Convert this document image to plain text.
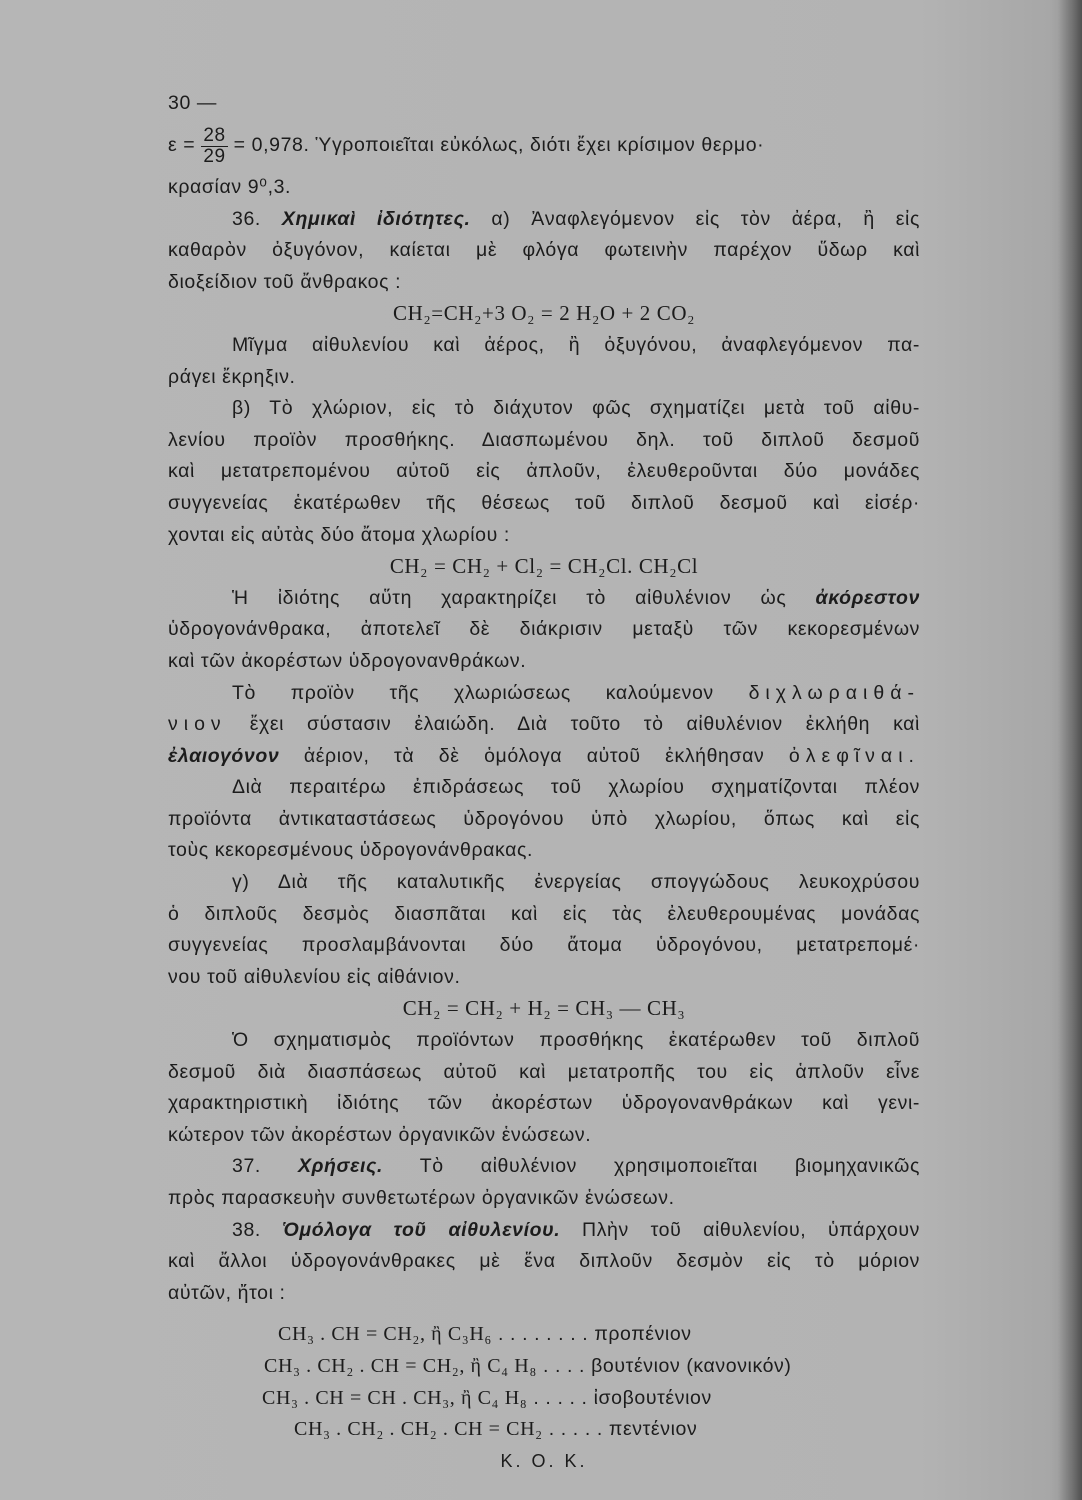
30 —
$\varepsilon = \frac{28}{29} = 0,978$. Ὑγροποιεῖται εὐκόλως, διότι ἔχει κρίσιμον θερμο·
κρασίαν 9⁰,3.
36. Χημικαὶ ἰδιότητες. α) Ἀναφλεγόμενον εἰς τὸν ἀέρα, ἢ εἰς
καθαρὸν ὀξυγόνον, καίεται μὲ φλόγα φωτεινὴν παρέχον ὕδωρ καὶ
διοξείδιον τοῦ ἄνθρακος :
CH₂=CH₂+3 O₂ = 2 H₂O + 2 CO₂
Μῖγμα αἰθυλενίου καὶ ἀέρος, ἢ ὀξυγόνου, ἀναφλεγόμενον πα-
ράγει ἔκρηξιν.
β) Τὸ χλώριον, εἰς τὸ διάχυτον φῶς σχηματίζει μετὰ τοῦ αἰθυ-
λενίου προϊὸν προσθήκης. Διασπωμένου δηλ. τοῦ διπλοῦ δεσμοῦ
καὶ μετατρεπομένου αὐτοῦ εἰς ἁπλοῦν, ἐλευθεροῦνται δύο μονάδες
συγγενείας ἑκατέρωθεν τῆς θέσεως τοῦ διπλοῦ δεσμοῦ καὶ εἰσέρ·
χονται εἰς αὐτὰς δύο ἄτομα χλωρίου :
CH₂ = CH₂ + Cl₂ = CH₂Cl. CH₂Cl
Ἡ ἰδιότης αὕτη χαρακτηρίζει τὸ αἰθυλένιον ὡς ἀκόρεστον
ὑδρογονάνθρακα, ἀποτελεῖ δὲ διάκρισιν μεταξὺ τῶν κεκορεσμένων
καὶ τῶν ἀκορέστων ὑδρογονανθράκων.
Τὸ προϊὸν τῆς χλωριώσεως καλούμενον διχλωραιθά-
νιον ἔχει σύστασιν ἐλαιώδη. Διὰ τοῦτο τὸ αἰθυλένιον ἐκλήθη καὶ
ἐλαιογόνον ἀέριον, τὰ δὲ ὁμόλογα αὐτοῦ ἐκλήθησαν ὀλεφῖναι.
Διὰ περαιτέρω ἐπιδράσεως τοῦ χλωρίου σχηματίζονται πλέον
προϊόντα ἀντικαταστάσεως ὑδρογόνου ὑπὸ χλωρίου, ὅπως καὶ εἰς
τοὺς κεκορεσμένους ὑδρογονάνθρακας.
γ) Διὰ τῆς καταλυτικῆς ἐνεργείας σπογγώδους λευκοχρύσου
ὁ διπλοῦς δεσμὸς διασπᾶται καὶ εἰς τὰς ἐλευθερουμένας μονάδας
συγγενείας προσλαμβάνονται δύο ἄτομα ὑδρογόνου, μετατρεπομέ·
νου τοῦ αἰθυλενίου εἰς αἰθάνιον.
CH₂ = CH₂ + H₂ = CH₃ — CH₃
Ὁ σχηματισμὸς προϊόντων προσθήκης ἑκατέρωθεν τοῦ διπλοῦ
δεσμοῦ διὰ διασπάσεως αὐτοῦ καὶ μετατροπῆς του εἰς ἁπλοῦν εἶνε
χαρακτηριστικὴ ἰδιότης τῶν ἀκορέστων ὑδρογονανθράκων καὶ γενι-
κώτερον τῶν ἀκορέστων ὀργανικῶν ἑνώσεων.
37. Χρήσεις. Τὸ αἰθυλένιον χρησιμοποιεῖται βιομηχανικῶς
πρὸς παρασκευὴν συνθετωτέρων ὀργανικῶν ἑνώσεων.
38. Ὁμόλογα τοῦ αἰθυλενίου. Πλὴν τοῦ αἰθυλενίου, ὑπάρχουν
καὶ ἄλλοι ὑδρογονάνθρακες μὲ ἕνα διπλοῦν δεσμὸν εἰς τὸ μόριον
αὐτῶν, ἤτοι :
CH₃ . CH = CH₂, ἢ C₃H₆ . . . . . . . . προπένιον
CH₃ . CH₂ . CH = CH₂, ἢ C₄ H₈ . . . . βουτένιον (κανονικόν)
CH₃ . CH = CH . CH₃, ἢ C₄ H₈ . . . . . ἰσοβουτένιον
CH₃ . CH₂ . CH₂ . CH = CH₂ . . . . . πεντένιον
Κ. Ο. Κ.
